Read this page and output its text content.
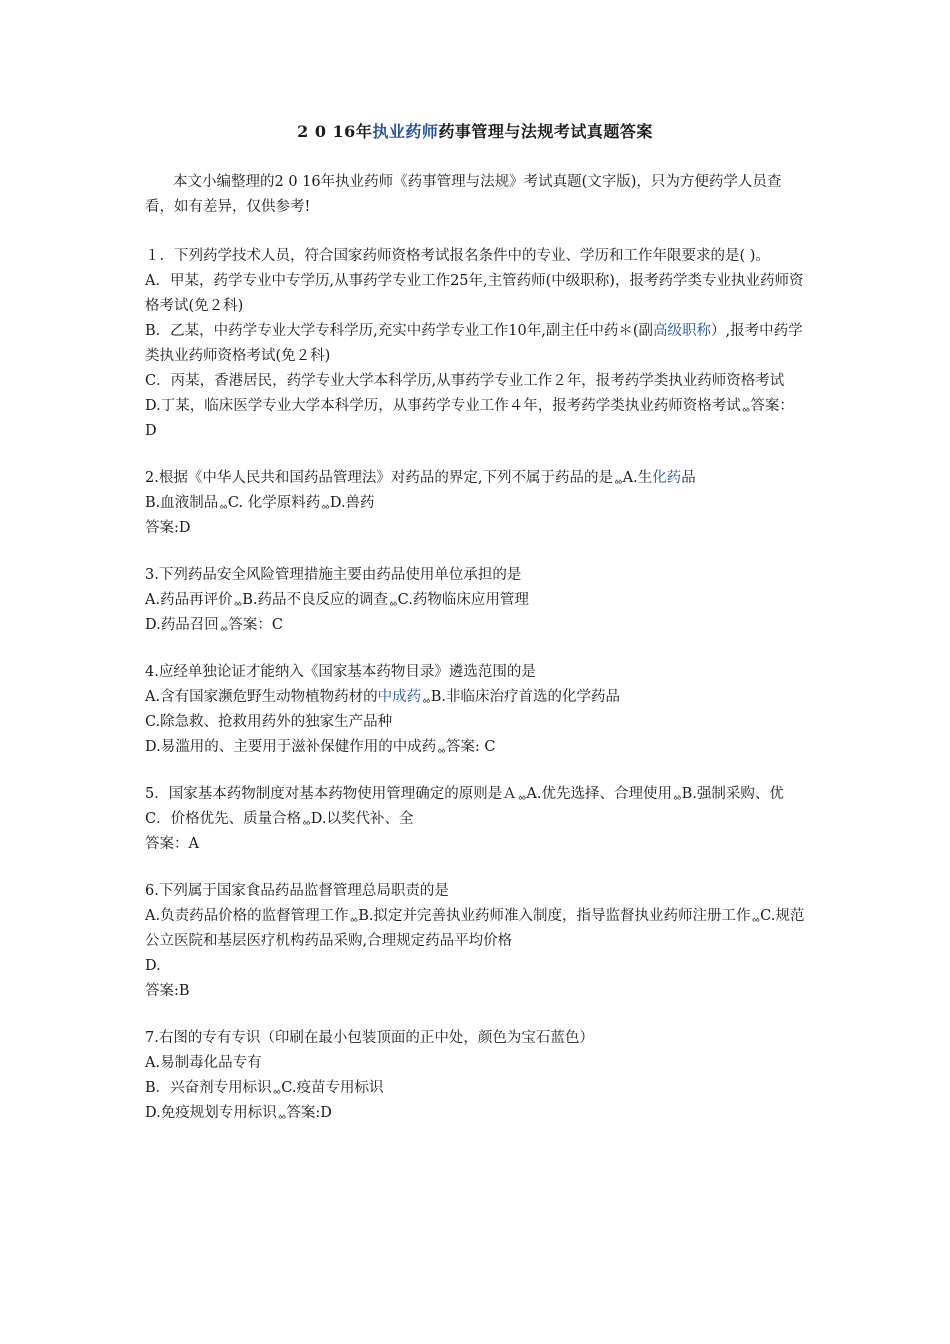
2 0 16年执业药师药事管理与法规考试真题答案

本文小编整理的2 0 16年执业药师《药事管理与法规》考试真题(文字版)，只为方便药学人员查看，如有差异，仅供参考!

１．下列药学技术人员，符合国家药师资格考试报名条件中的专业、学历和工作年限要求的是( )。

A．甲某，药学专业中专学历,从事药学专业工作25年,主管药师(中级职称)，报考药学类专业执业药师资格考试(免２科)

B．乙某，中药学专业大学专科学历,充实中药学专业工作10年,副主任中药＊(副高级职称）,报考中药学类执业药师资格考试(免２科)

C．丙某，香港居民，药学专业大学本科学历,从事药学专业工作２年，报考药学类执业药师资格考试

D.丁某，临床医学专业大学本科学历，从事药学专业工作４年，报考药学类执业药师资格考试ᇮ答案：D

2.根据《中华人民共和国药品管理法》对药品的界定,下列不属于药品的是ᇮA.生化药品

B.血液制品ᇮC. 化学原料药ᇮD.兽药

答案:D

3.下列药品安全风险管理措施主要由药品使用单位承担的是

A.药品再评价ᇮB.药品不良反应的调查ᇮC.药物临床应用管理

D.药品召回ᇮ答案：C

4.应经单独论证才能纳入《国家基本药物目录》遴选范围的是

A.含有国家濒危野生动物植物药材的中成药ᇮB.非临床治疗首选的化学药品

C.除急救、抢救用药外的独家生产品种

D.易滥用的、主要用于滋补保健作用的中成药ᇮ答案: C

5．国家基本药物制度对基本药物使用管理确定的原则是ＡᇮA.优先选择、合理使用ᇮB.强制采购、优

C．价格优先、质量合格ᇮD.以奖代补、全

答案：A

6.下列属于国家食品药品监督管理总局职责的是

A.负责药品价格的监督管理工作ᇮB.拟定并完善执业药师准入制度，指导监督执业药师注册工作ᇮC.规范公立医院和基层医疗机构药品采购,合理规定药品平均价格

D.

答案:B

7.右图的专有专识（印刷在最小包装顶面的正中处，颜色为宝石蓝色）

A.易制毒化品专有

B．兴奋剂专用标识ᇮC.疫苗专用标识

D.免疫规划专用标识ᇮ答案:D
